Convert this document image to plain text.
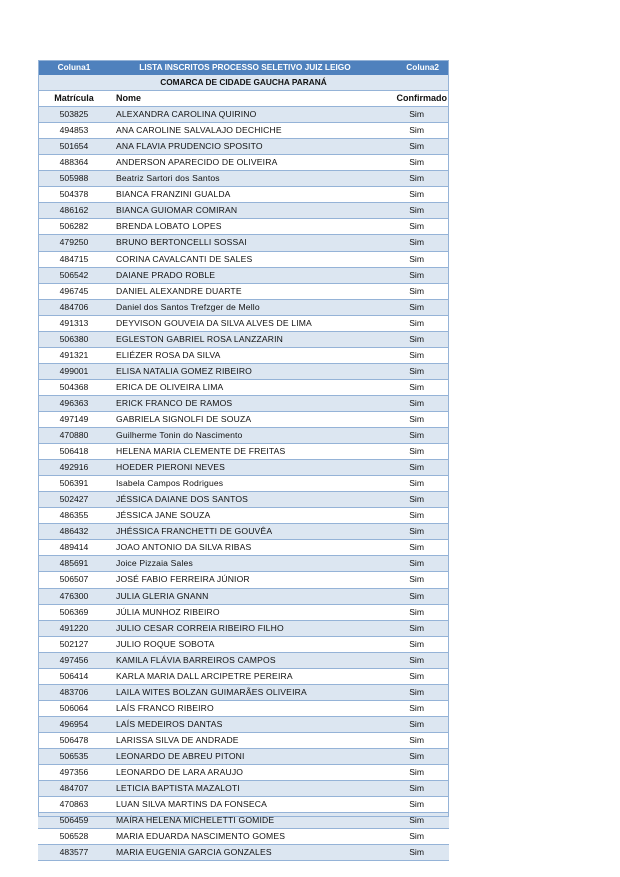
Coluna1	LISTA INSCRITOS PROCESSO SELETIVO JUIZ LEIGO	Coluna2
COMARCA DE CIDADE GAUCHA PARANÁ		
Matrícula	Nome	Confirmado
503825	ALEXANDRA CAROLINA QUIRINO	Sim
494853	ANA CAROLINE SALVALAJO DECHICHE	Sim
501654	ANA FLAVIA PRUDENCIO SPOSITO	Sim
488364	ANDERSON APARECIDO DE OLIVEIRA	Sim
505988	Beatriz Sartori dos Santos	Sim
504378	BIANCA FRANZINI GUALDA	Sim
486162	BIANCA GUIOMAR COMIRAN	Sim
506282	BRENDA LOBATO LOPES	Sim
479250	BRUNO BERTONCELLI SOSSAI	Sim
484715	CORINA CAVALCANTI DE SALES	Sim
506542	DAIANE PRADO ROBLE	Sim
496745	DANIEL ALEXANDRE DUARTE	Sim
484706	Daniel dos Santos Trefzger de Mello	Sim
491313	DEYVISON GOUVEIA DA SILVA ALVES DE LIMA	Sim
506380	EGLESTON GABRIEL ROSA LANZZARIN	Sim
491321	ELIÉZER ROSA DA SILVA	Sim
499001	ELISA NATALIA GOMEZ RIBEIRO	Sim
504368	ERICA DE OLIVEIRA LIMA	Sim
496363	ERICK FRANCO DE RAMOS	Sim
497149	GABRIELA SIGNOLFI DE SOUZA	Sim
470880	Guilherme Tonin do Nascimento	Sim
506418	HELENA MARIA CLEMENTE DE FREITAS	Sim
492916	HOEDER PIERONI NEVES	Sim
506391	Isabela Campos Rodrigues	Sim
502427	JÉSSICA DAIANE DOS SANTOS	Sim
486355	JÉSSICA JANE SOUZA	Sim
486432	JHÉSSICA FRANCHETTI DE GOUVÊA	Sim
489414	JOAO ANTONIO DA SILVA RIBAS	Sim
485691	Joice Pizzaia Sales	Sim
506507	JOSÉ FABIO FERREIRA JÚNIOR	Sim
476300	JULIA GLERIA GNANN	Sim
506369	JÚLIA MUNHOZ RIBEIRO	Sim
491220	JULIO CESAR CORREIA RIBEIRO FILHO	Sim
502127	JULIO ROQUE SOBOTA	Sim
497456	KAMILA FLÁVIA BARREIROS CAMPOS	Sim
506414	KARLA MARIA DALL ARCIPETRE PEREIRA	Sim
483706	LAILA WITES BOLZAN GUIMARÃES OLIVEIRA	Sim
506064	LAÍS FRANCO RIBEIRO	Sim
496954	LAÍS MEDEIROS DANTAS	Sim
506478	LARISSA SILVA DE ANDRADE	Sim
506535	LEONARDO DE ABREU PITONI	Sim
497356	LEONARDO DE LARA ARAUJO	Sim
484707	LETICIA BAPTISTA MAZALOTI	Sim
470863	LUAN SILVA MARTINS DA FONSECA	Sim
506459	MAÍRA HELENA MICHELETTI GOMIDE	Sim
506528	MARIA EDUARDA NASCIMENTO GOMES	Sim
483577	MARIA EUGENIA GARCIA GONZALES	Sim
